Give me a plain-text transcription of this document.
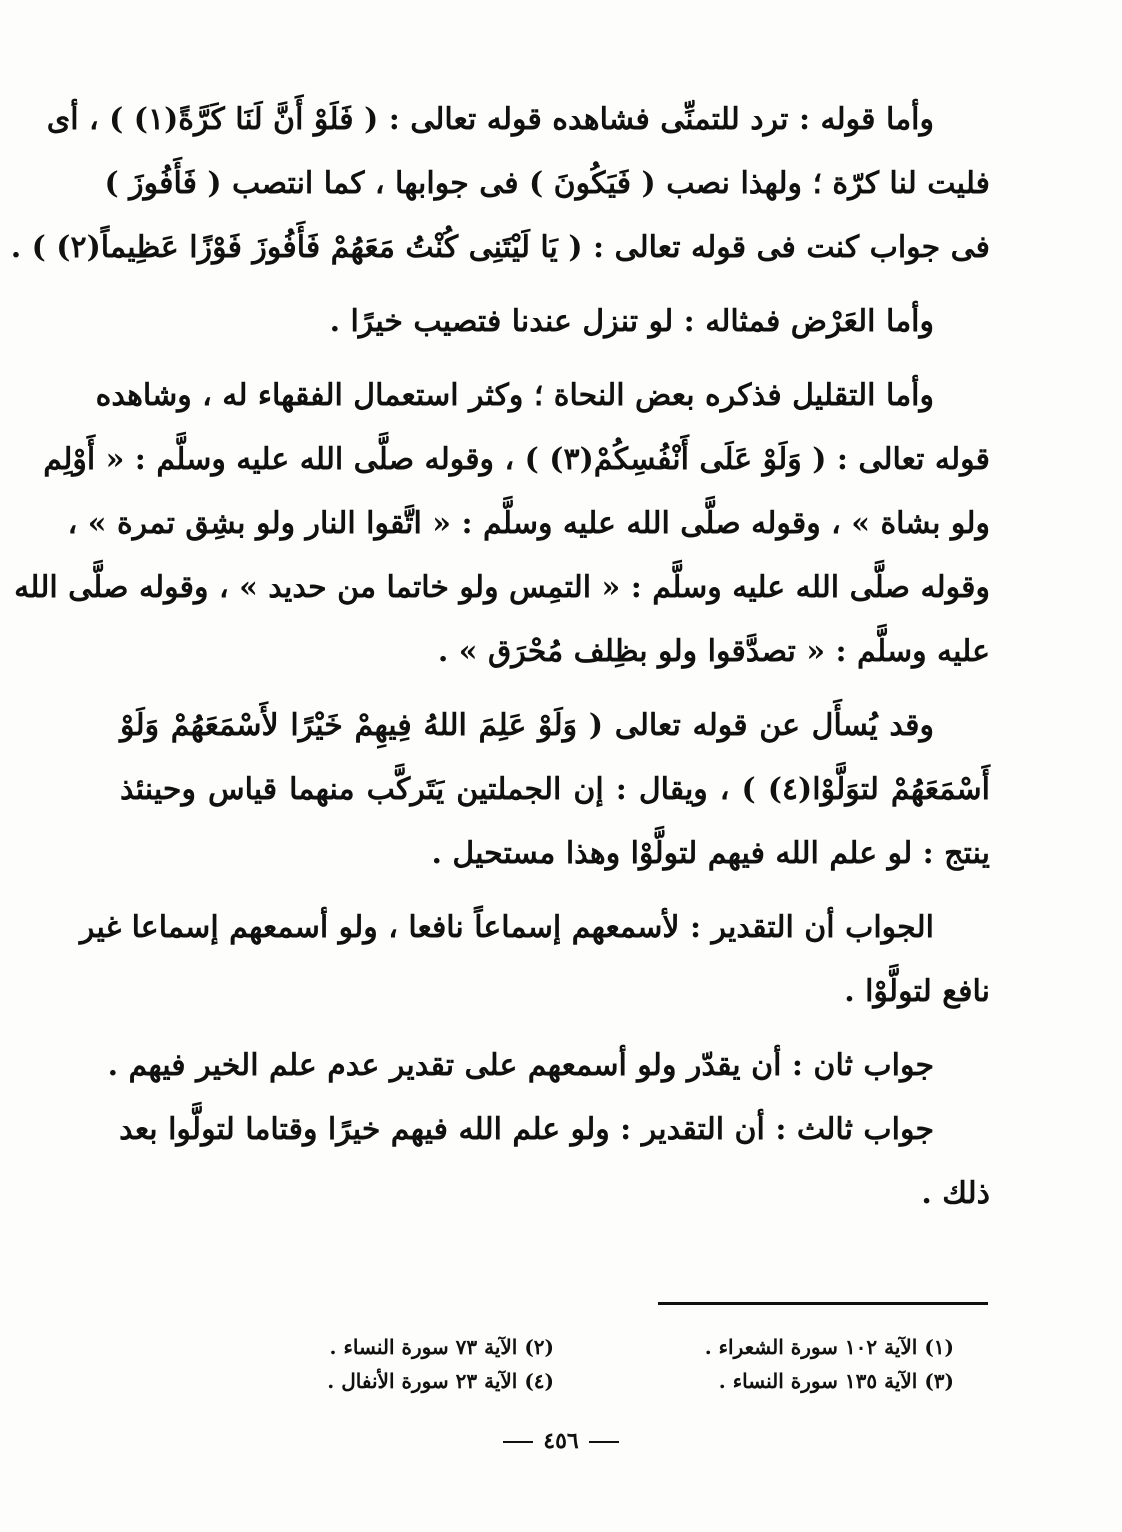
وأما قوله : ترد للتمنِّى فشاهده قوله تعالى : ( فَلَوْ أَنَّ لَنَا كَرَّةً(١) ) ، أى
فليت لنا كرّة ؛ ولهذا نصب ( فَيَكُونَ ) فى جوابها ، كما انتصب ( فَأَفُوزَ )
فى جواب كنت فى قوله تعالى : ( يَا لَيْتَنِى كُنْتُ مَعَهُمْ فَأَفُوزَ فَوْزًا عَظِيماً(٢) ) .
وأما العَرْض فمثاله : لو تنزل عندنا فتصيب خيرًا .
وأما التقليل فذكره بعض النحاة ؛ وكثر استعمال الفقهاء له ، وشاهده
قوله تعالى : ( وَلَوْ عَلَى أَنْفُسِكُمْ(٣) ) ، وقوله صلَّى الله عليه وسلَّم : « أَوْلِم
ولو بشاة » ، وقوله صلَّى الله عليه وسلَّم : « اتَّقوا النار ولو بشِق تمرة » ،
وقوله صلَّى الله عليه وسلَّم : « التمِس ولو خاتما من حديد » ، وقوله صلَّى الله
عليه وسلَّم : « تصدَّقوا ولو بظِلف مُحْرَق » .
وقد يُسأَل عن قوله تعالى ( وَلَوْ عَلِمَ اللهُ فِيهِمْ خَيْرًا لأَسْمَعَهُمْ وَلَوْ
أَسْمَعَهُمْ لتوَلَّوْا(٤) ) ، ويقال : إن الجملتين يَتَركَّب منهما قياس وحينئذ
ينتج : لو علم الله فيهم لتولَّوْا وهذا مستحيل .
الجواب أن التقدير : لأسمعهم إسماعاً نافعا ، ولو أسمعهم إسماعا غير
نافع لتولَّوْا .
جواب ثان : أن يقدّر ولو أسمعهم على تقدير عدم علم الخير فيهم .
جواب ثالث : أن التقدير : ولو علم الله فيهم خيرًا وقتاما لتولَّوا بعد
ذلك .
(١) الآية ١٠٢ سورة الشعراء .
(٣) الآية ١٣٥ سورة النساء .
(٢) الآية ٧٣ سورة النساء .
(٤) الآية ٢٣ سورة الأنفال .
٤٥٦
